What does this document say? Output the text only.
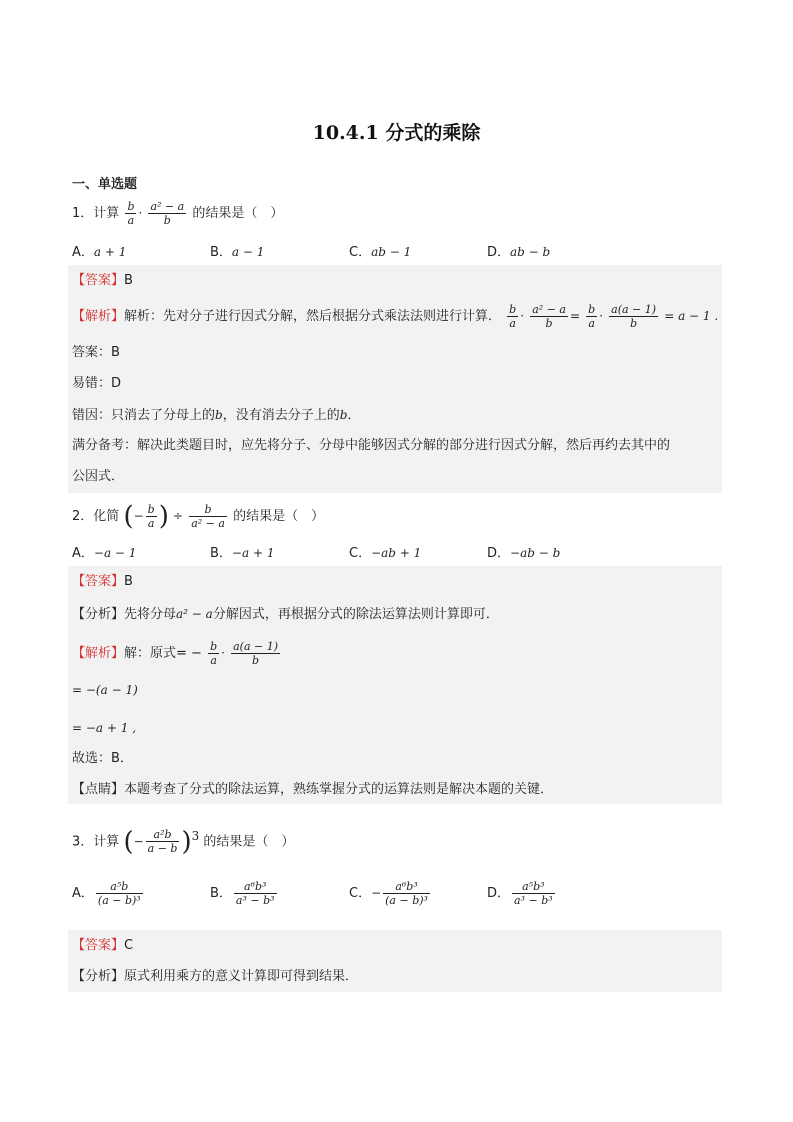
10.4.1 分式的乘除
一、单选题
1．计算 $\frac{b}{a} \cdot \frac{\text{a² − a}}{b}$ 的结果是（　）
A．a + 1	B．a − 1	C．ab − 1	D．ab − b
【答案】B
【解析】解析：先对分子进行因式分解，然后根据分式乘法法则进行计算． $\frac{b}{a} \cdot \frac{\text{a² − a}}{b} = \frac{b}{a} \cdot \frac{a(a - 1)}{b} = a - 1$ .
答案：B
易错：D
错因：只消去了分母上的b，没有消去分子上的b．
满分备考：解决此类题目时，应先将分子、分母中能够因式分解的部分进行因式分解，然后再约去其中的
公因式．
2．化简 (− $\frac{b}{a}$ ) ÷ $\frac{b}{\text{a² − a}}$ 的结果是（　）
A．−a − 1	B．−a + 1	C．−ab + 1	D．−ab − b
【答案】B
【分析】先将分母a² − a分解因式，再根据分式的除法运算法则计算即可．
【解析】解：原式= − $\frac{b}{a} \cdot \frac{a(a - 1)}{b}$
= −(a − 1)
= −a + 1 ,
故选：B．
【点睛】本题考查了分式的除法运算，熟练掌握分式的运算法则是解决本题的关键．
3．计算 (− $\frac{\text{a²b}}{a - b} )^3$ 的结果是（　）
A． $\frac{\text{a⁵b}}{\text{(a − b)³}}$	B． $\frac{\text{a⁶b³}}{\text{a³ − b³}}$	C．− $\frac{\text{a⁶b³}}{\text{(a − b)³}}$	D． $\frac{\text{a⁵b³}}{\text{a³ − b³}}$
【答案】C
【分析】原式利用乘方的意义计算即可得到结果．
